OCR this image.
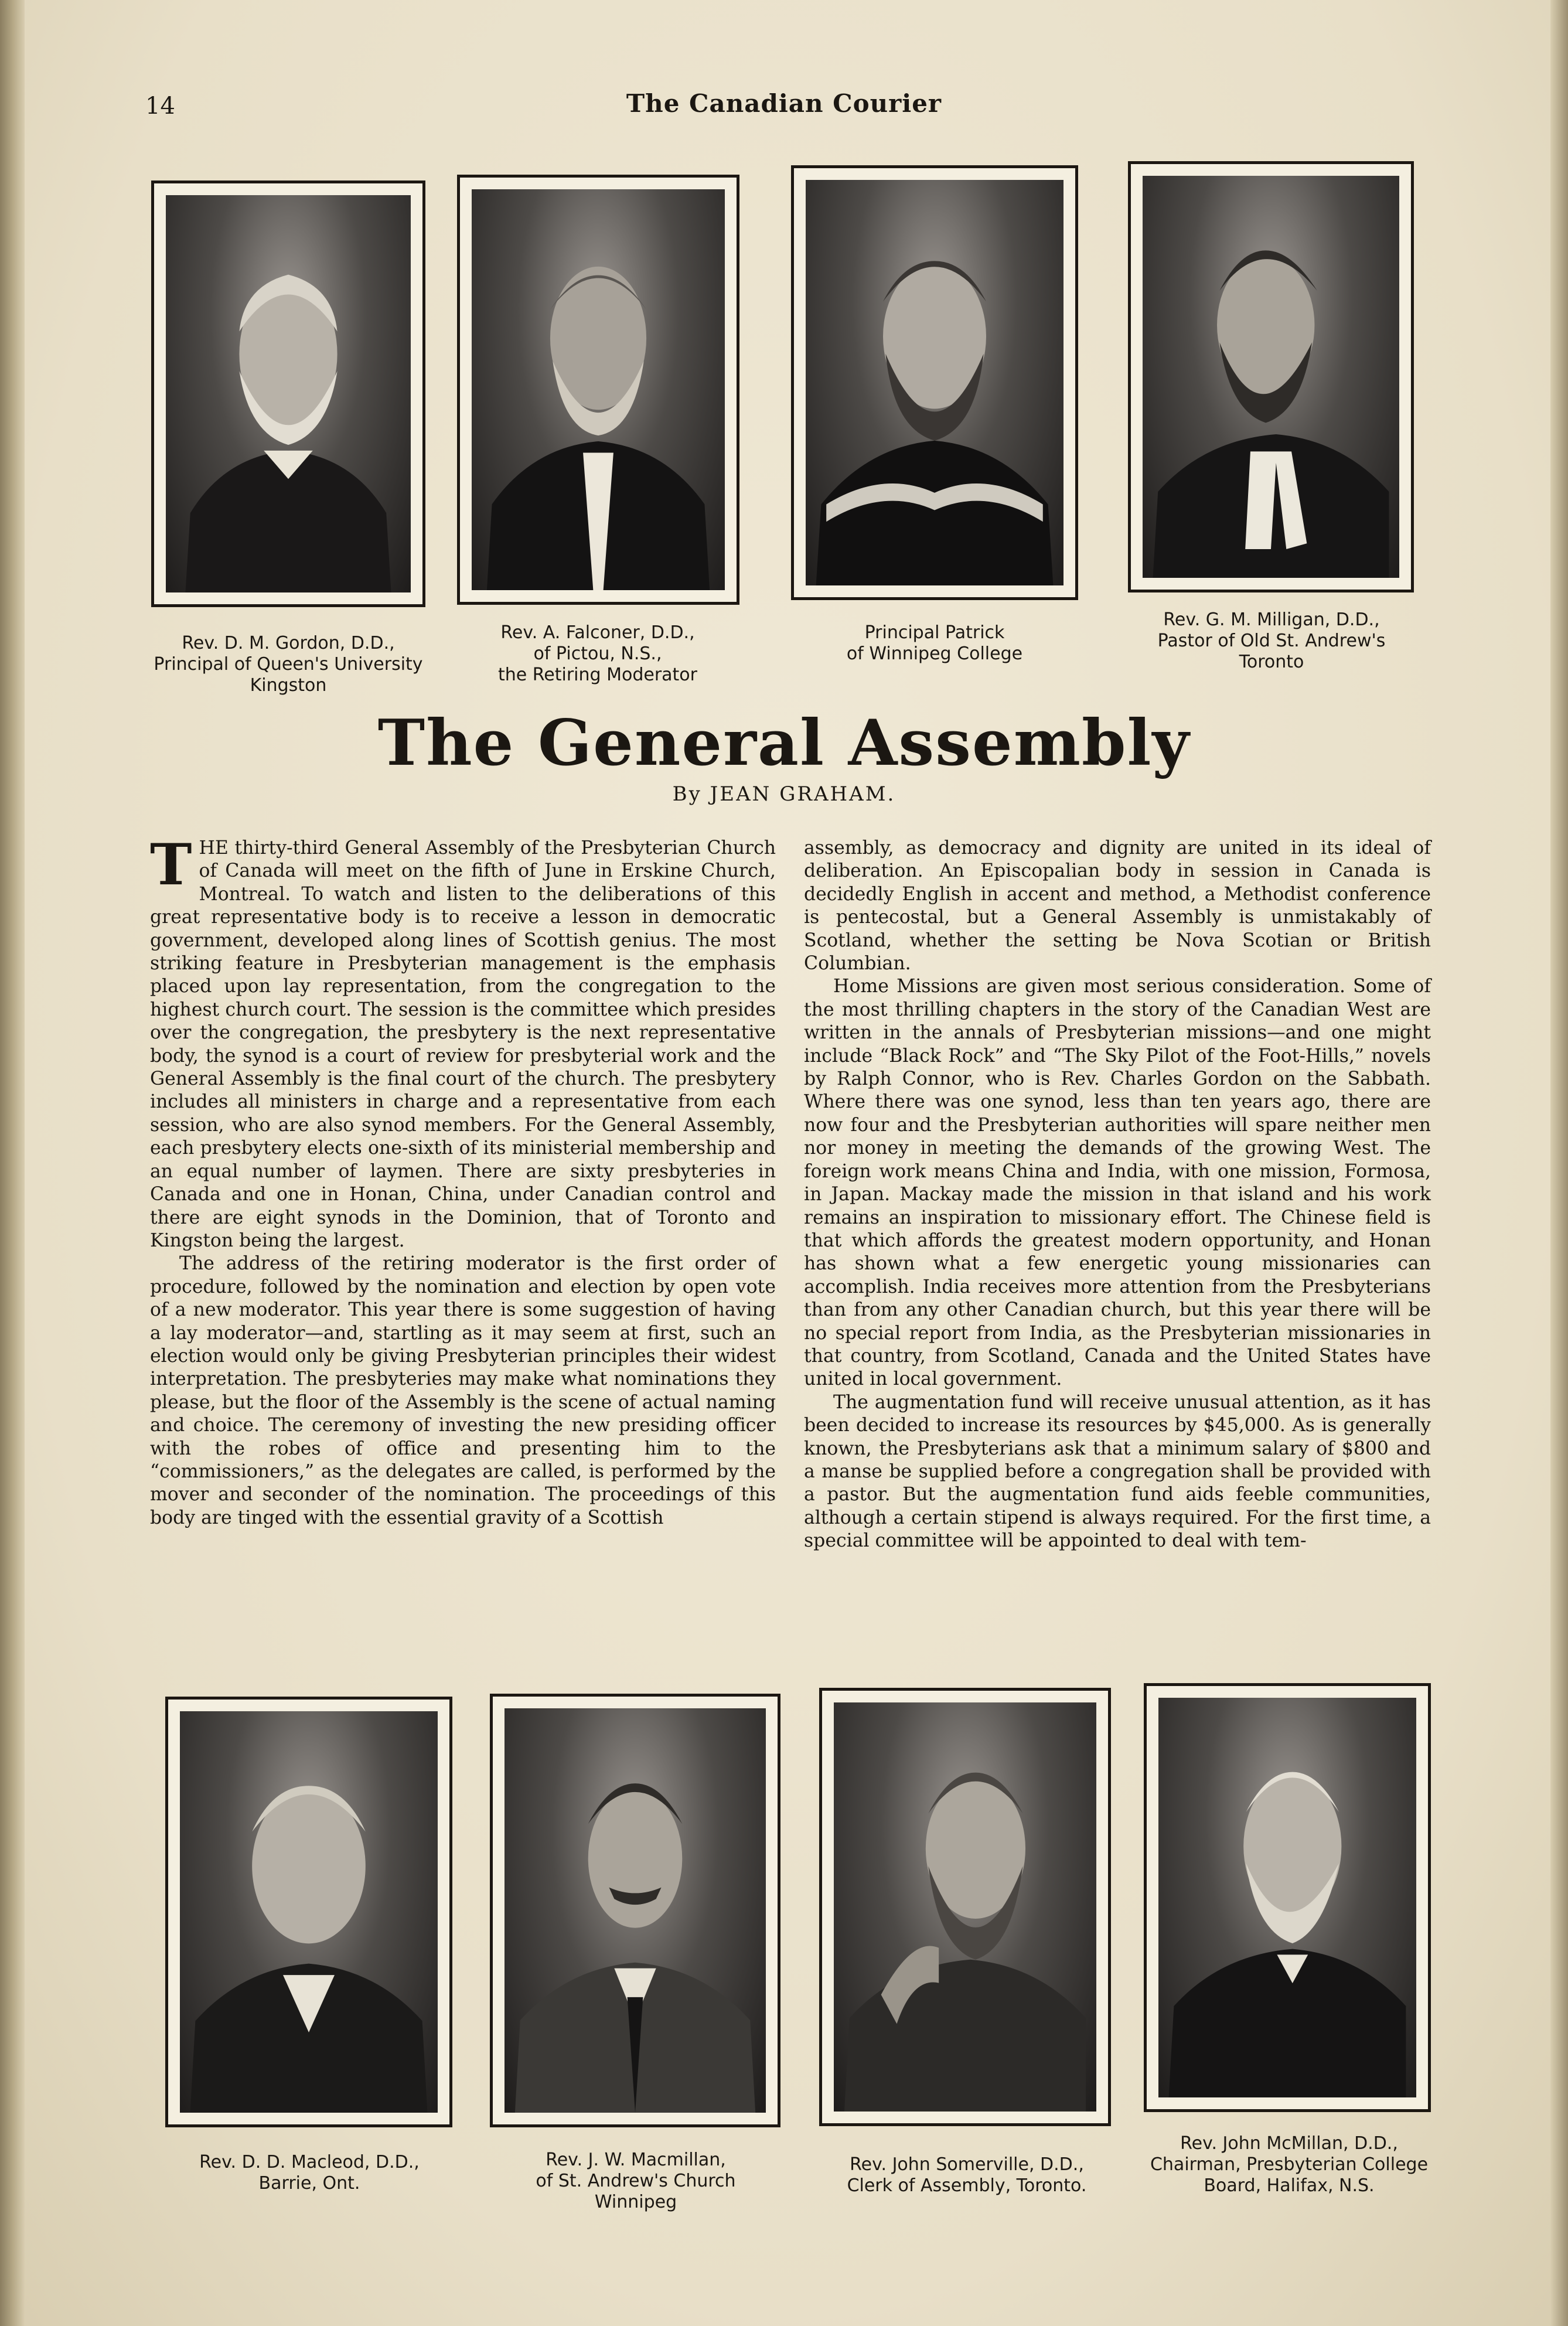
14	The Canadian Courier
Rev. D. M. Gordon, D.D.,
Principal of Queen's University
Kingston
Rev. A. Falconer, D.D.,
of Pictou, N.S.,
the Retiring Moderator
Principal Patrick
of Winnipeg College
Rev. G. M. Milligan, D.D.,
Pastor of Old St. Andrew's
Toronto
The General Assembly
By JEAN GRAHAM.

THE thirty-third General Assembly of the Presbyterian Church of Canada will meet on the fifth of June in Erskine Church, Montreal. To watch and listen to the deliberations of this great representative body is to receive a lesson in democratic government, developed along lines of Scottish genius. The most striking feature in Presbyterian management is the emphasis placed upon lay representation, from the congregation to the highest church court. The session is the committee which presides over the congregation, the presbytery is the next representative body, the synod is a court of review for presbyterial work and the General Assembly is the final court of the church. The presbytery includes all ministers in charge and a representative from each session, who are also synod members. For the General Assembly, each presbytery elects one-sixth of its ministerial membership and an equal number of laymen. There are sixty presbyteries in Canada and one in Honan, China, under Canadian control and there are eight synods in the Dominion, that of Toronto and Kingston being the largest.

The address of the retiring moderator is the first order of procedure, followed by the nomination and election by open vote of a new moderator. This year there is some suggestion of having a lay moderator—and, startling as it may seem at first, such an election would only be giving Presbyterian principles their widest interpretation. The presbyteries may make what nominations they please, but the floor of the Assembly is the scene of actual naming and choice. The ceremony of investing the new presiding officer with the robes of office and presenting him to the “commissioners,” as the delegates are called, is performed by the mover and seconder of the nomination. The proceedings of this body are tinged with the essential gravity of a Scottish

assembly, as democracy and dignity are united in its ideal of deliberation. An Episcopalian body in session in Canada is decidedly English in accent and method, a Methodist conference is pentecostal, but a General Assembly is unmistakably of Scotland, whether the setting be Nova Scotian or British Columbian.

Home Missions are given most serious consideration. Some of the most thrilling chapters in the story of the Canadian West are written in the annals of Presbyterian missions—and one might include “Black Rock” and “The Sky Pilot of the Foot-Hills,” novels by Ralph Connor, who is Rev. Charles Gordon on the Sabbath. Where there was one synod, less than ten years ago, there are now four and the Presbyterian authorities will spare neither men nor money in meeting the demands of the growing West. The foreign work means China and India, with one mission, Formosa, in Japan. Mackay made the mission in that island and his work remains an inspiration to missionary effort. The Chinese field is that which affords the greatest modern opportunity, and Honan has shown what a few energetic young missionaries can accomplish. India receives more attention from the Presbyterians than from any other Canadian church, but this year there will be no special report from India, as the Presbyterian missionaries in that country, from Scotland, Canada and the United States have united in local government.

The augmentation fund will receive unusual attention, as it has been decided to increase its resources by $45,000. As is generally known, the Presbyterians ask that a minimum salary of $800 and a manse be supplied before a congregation shall be provided with a pastor. But the augmentation fund aids feeble communities, although a certain stipend is always required. For the first time, a special committee will be appointed to deal with tem-

Rev. D. D. Macleod, D.D.,
Barrie, Ont.
Rev. J. W. Macmillan,
of St. Andrew's Church
Winnipeg
Rev. John Somerville, D.D.,
Clerk of Assembly, Toronto.
Rev. John McMillan, D.D.,
Chairman, Presbyterian College
Board, Halifax, N.S.
